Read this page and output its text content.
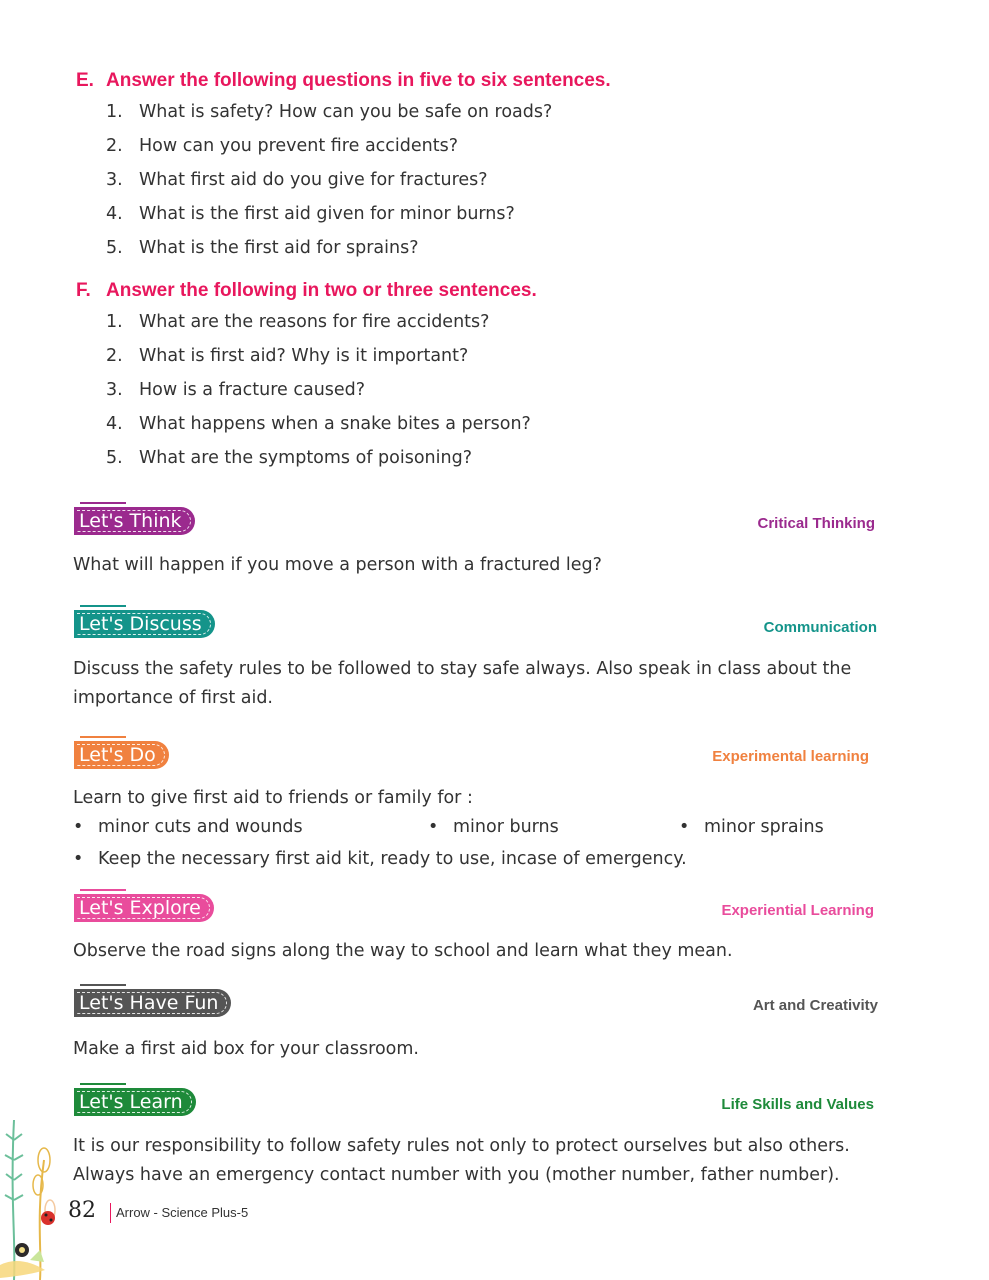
E. Answer the following questions in five to six sentences.
1. What is safety? How can you be safe on roads?
2. How can you prevent fire accidents?
3. What first aid do you give for fractures?
4. What is the first aid given for minor burns?
5. What is the first aid for sprains?
F. Answer the following in two or three sentences.
1. What are the reasons for fire accidents?
2. What is first aid? Why is it important?
3. How is a fracture caused?
4. What happens when a snake bites a person?
5. What are the symptoms of poisoning?
Let's Think	Critical Thinking
What will happen if you move a person with a fractured leg?
Let's Discuss	Communication
Discuss the safety rules to be followed to stay safe always. Also speak in class about the importance of first aid.
Let's Do	Experimental learning
Learn to give first aid to friends or family for :
• minor cuts and wounds	• minor burns	• minor sprains
• Keep the necessary first aid kit, ready to use, incase of emergency.
Let's Explore	Experiential Learning
Observe the road signs along the way to school and learn what they mean.
Let's Have Fun	Art and Creativity
Make a first aid box for your classroom.
Let's Learn	Life Skills and Values
It is our responsibility to follow safety rules not only to protect ourselves but also others. Always have an emergency contact number with you (mother number, father number).
82 Arrow - Science Plus-5
